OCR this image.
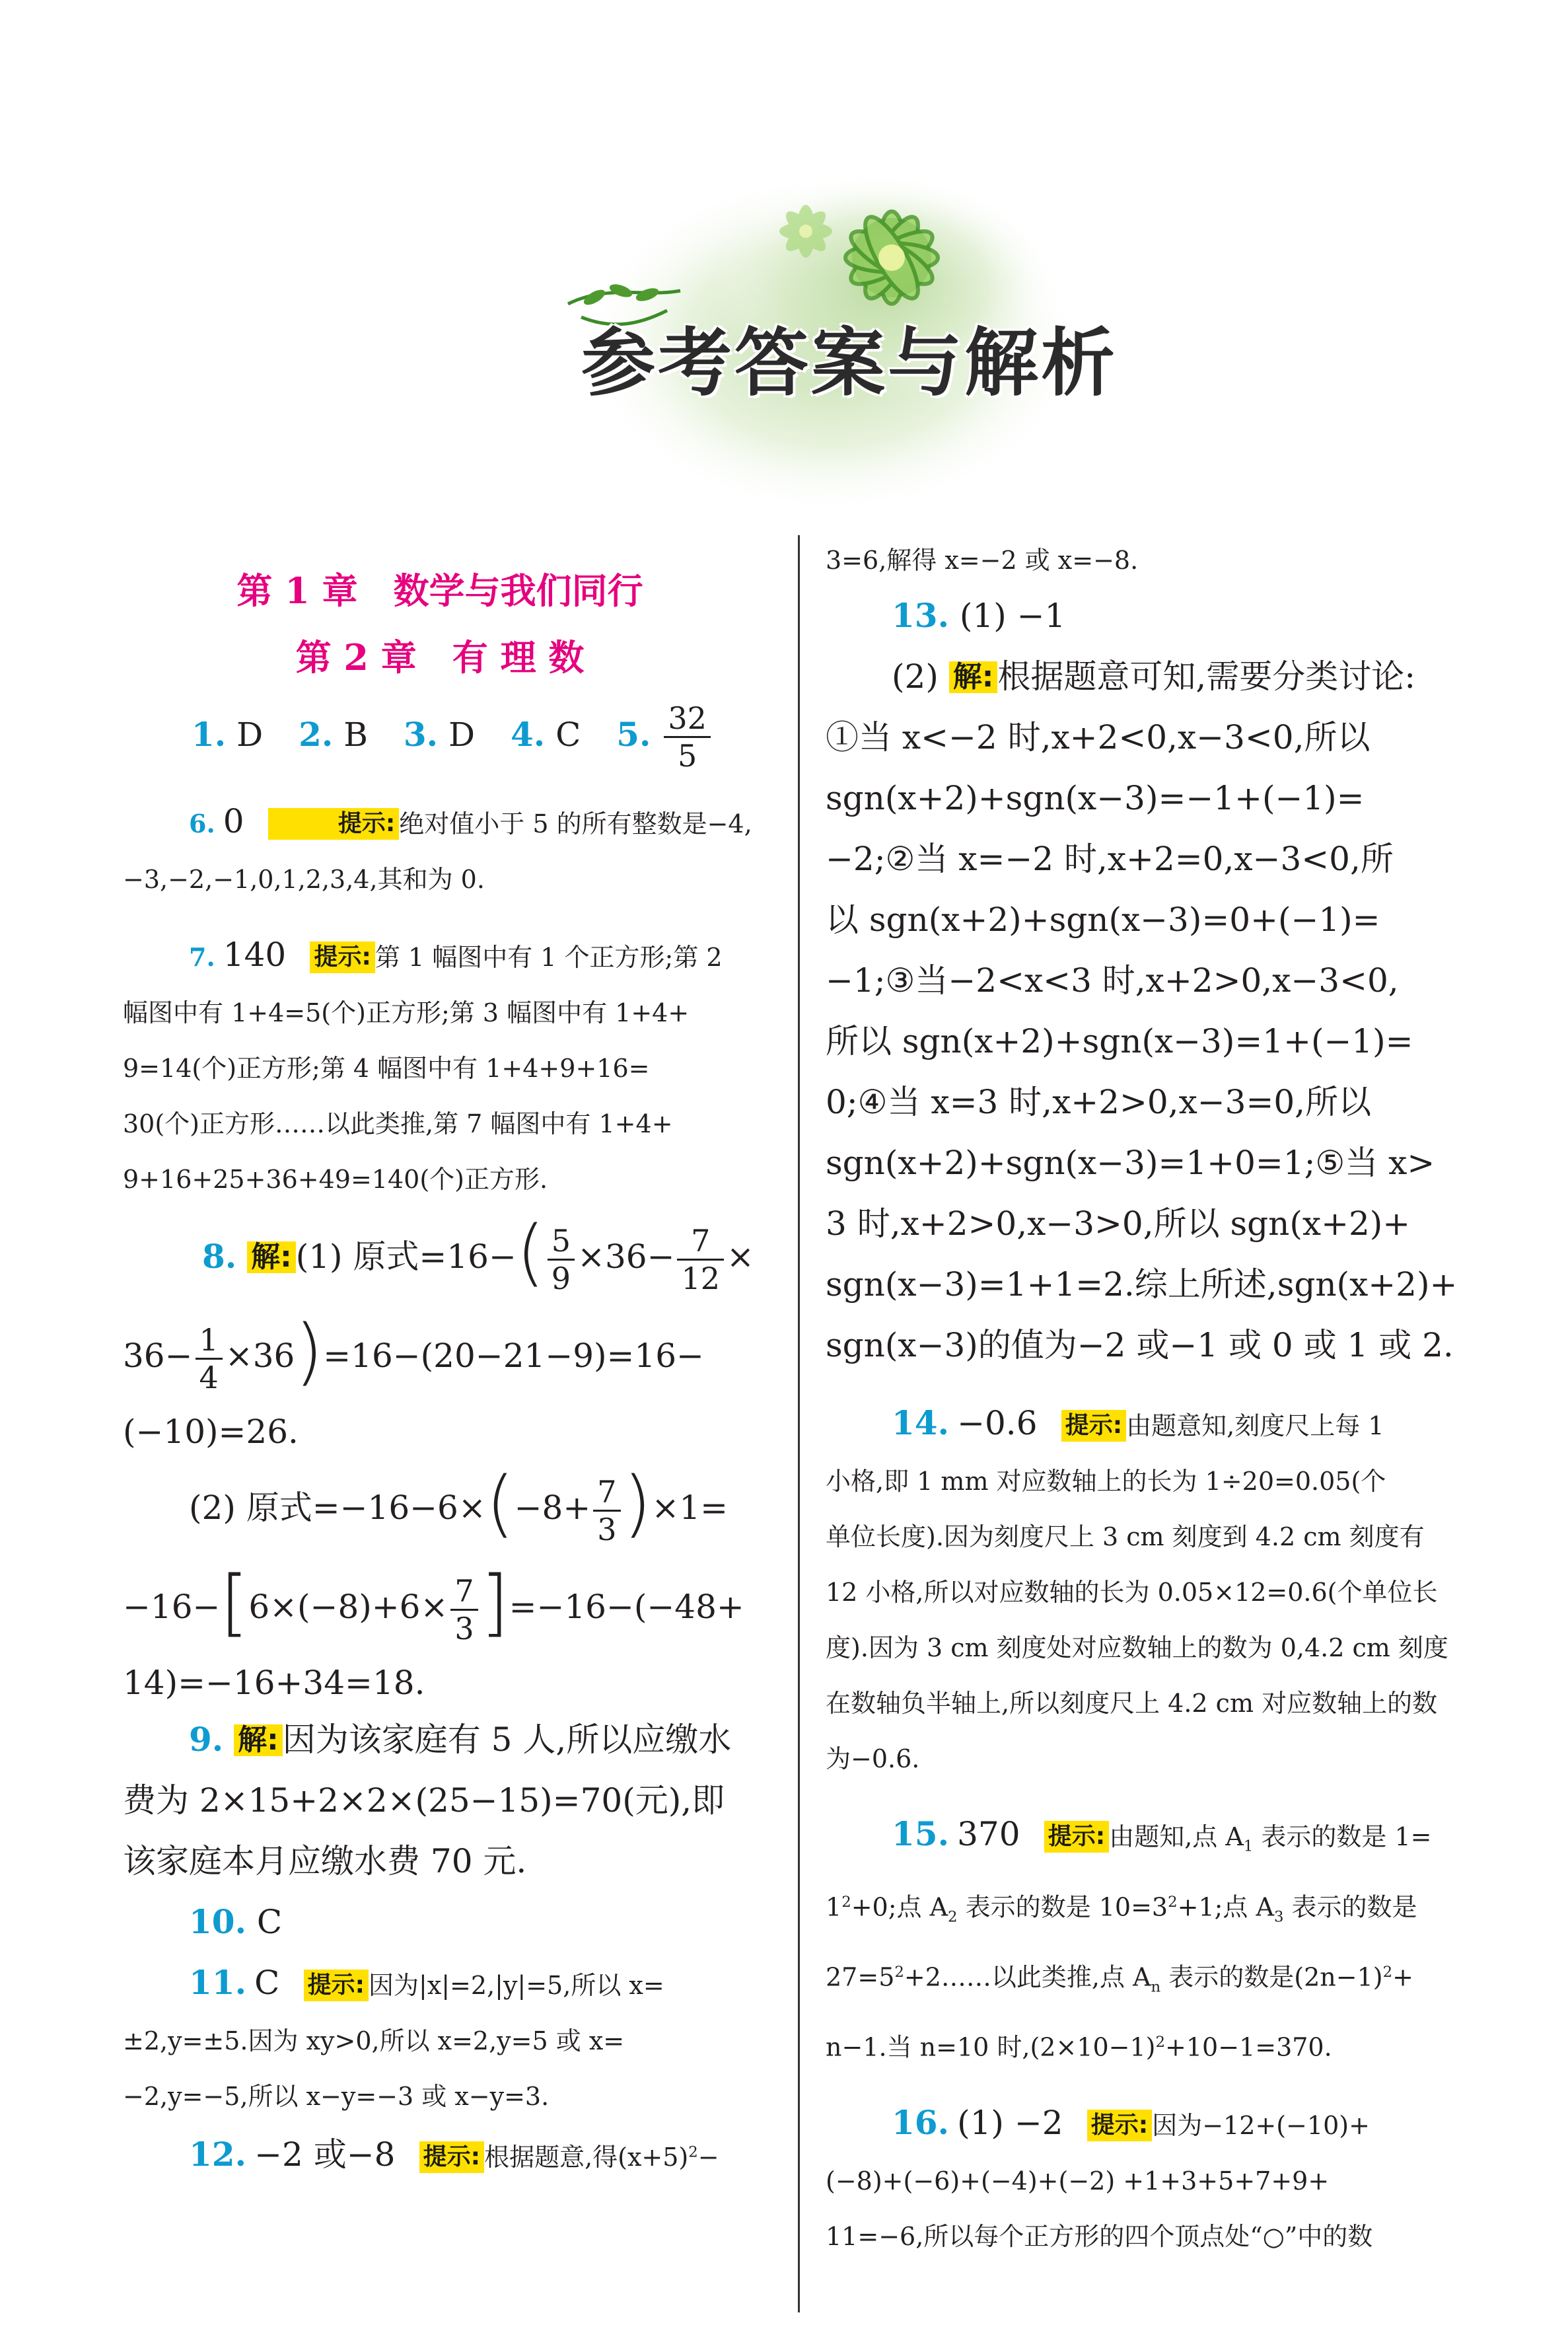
参考答案与解析
第 1 章　数学与我们同行
第 2 章　有 理 数
1. D 2. B 3. D 4. C 5. $\frac{32}{5}$

6. 0	提示: 绝对值小于 5 的所有整数是−4,
−3,−2,−1,0,1,2,3,4,其和为 0.

7. 140 提示: 第 1 幅图中有 1 个正方形;第 2
幅图中有 1+4=5(个)正方形;第 3 幅图中有 1+4+
9=14(个)正方形;第 4 幅图中有 1+4+9+16=
30(个)正方形……以此类推,第 7 幅图中有 1+4+
9+16+25+36+49=140(个)正方形.

8. 解: (1) 原式$=16-( \frac{5}{9} \times 36- \frac{7}{12}$ ×

$36- \frac{1}{4} \times 36)=16-(20-21-9)=16-$

(−10)=26.

(2) 原式$=-16-6\times(-8+ \frac{7}{3} )\times 1=$

$-16-[6\times(-8)+6\times \frac{7}{3} ]=-16-(-48+$

14)=−16+34=18.

9. 解: 因为该家庭有 5 人,所以应缴水
费为 2×15+2×2×(25−15)=70(元),即
该家庭本月应缴水费 70 元.

10. C

11. C 提示: 因为|x|=2,|y|=5,所以 x=
±2,y=±5.因为 xy>0,所以 x=2,y=5 或 x=
−2,y=−5,所以 x−y=−3 或 x−y=3.

12. −2 或−8 提示: 根据题意,得$(x+5)^2-$

3=6,解得 x=−2 或 x=−8.

13. (1) −1

(2) 解: 根据题意可知,需要分类讨论:
①当 x<−2 时,x+2<0,x−3<0,所以
sgn(x+2)+sgn(x−3)=−1+(−1)=
−2;②当 x=−2 时,x+2=0,x−3<0,所
以 sgn(x+2)+sgn(x−3)=0+(−1)=
−1;③当−2<x<3 时,x+2>0,x−3<0,
所以 sgn(x+2)+sgn(x−3)=1+(−1)=
0;④当 x=3 时,x+2>0,x−3=0,所以
sgn(x+2)+sgn(x−3)=1+0=1;⑤当 x>
3 时,x+2>0,x−3>0,所以 sgn(x+2)+
sgn(x−3)=1+1=2.综上所述,sgn(x+2)+
sgn(x−3)的值为−2 或−1 或 0 或 1 或 2.

14. −0.6 提示: 由题意知,刻度尺上每 1
小格,即 1 mm 对应数轴上的长为 1÷20=0.05(个
单位长度).因为刻度尺上 3 cm 刻度到 4.2 cm 刻度有
12 小格,所以对应数轴的长为 0.05×12=0.6(个单位长
度).因为 3 cm 刻度处对应数轴上的数为 0,4.2 cm 刻度
在数轴负半轴上,所以刻度尺上 4.2 cm 对应数轴上的数
为−0.6.

15. 370 提示: 由题知,点 $A_1$ 表示的数是 1=
$1^2+0$;点 $A_2$ 表示的数是 $10=3^2+1$;点 $A_3$ 表示的数是
$27=5^2+2\dots\dots$以此类推,点 $A_n$ 表示的数是$(2n-1)^2+$
n−1.当 n=10 时$,(2\times 10-1)^2+10-1=370$.

16. (1) −2 提示: 因为−12+(−10)+
(−8)+(−6)+(−4)+(−2) +1+3+5+7+9+
11=−6,所以每个正方形的四个顶点处“○”中的数
